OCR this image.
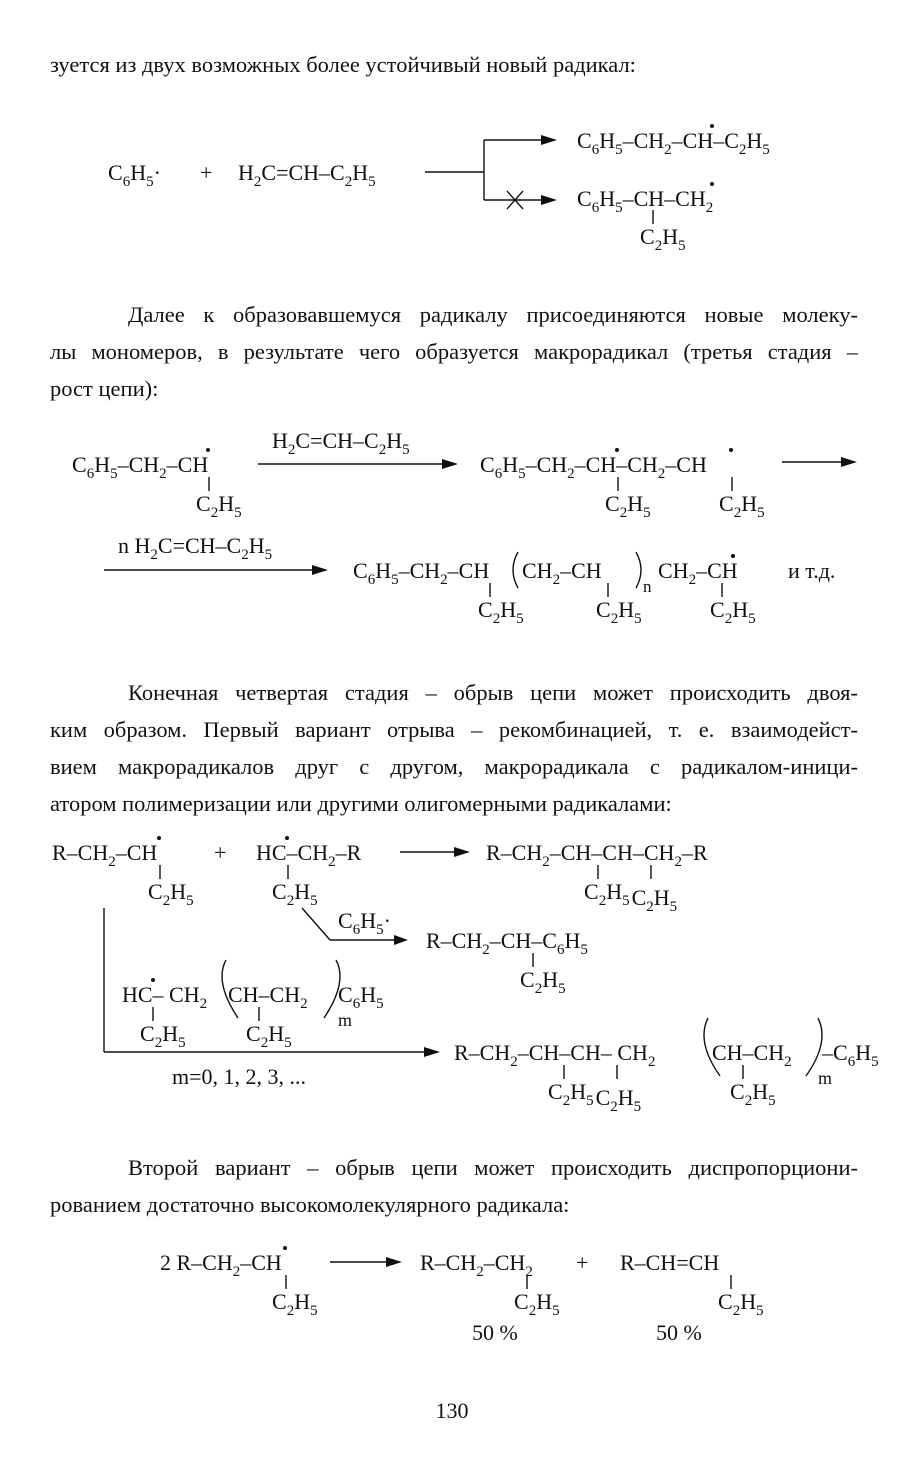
зуется из двух возможных более устойчивый новый радикал:

$C_6H_5\cdot + H_2C=CH-C_2H_5$
$C_6H_5-CH_2-CH-C_2H_5$
$C_6H_5-CH-CH_2$
$C_2H_5$

Далее к образовавшемуся радикалу присоединяются новые молеку-
лы мономеров, в результате чего образуется макрорадикал (третья стадия –
рост цепи):

$C_6H_5-CH_2-CH$
$C_2H_5$
$H_2C=CH-C_2H_5$
$C_6H_5-CH_2-CH-CH_2-CH$
$C_2H_5$	$C_2H_5$
n $H_2C=CH-C_2H_5$
$C_6H_5-CH_2-CH$ $CH_2-CH$
n
$CH_2-CH$
$C_2H_5$	$C_2H_5$	$C_2H_5$
и т.д.

Конечная четвертая стадия – обрыв цепи может происходить двоя-
ким образом. Первый вариант отрыва – рекомбинацией, т. е. взаимодейст-
вием макрорадикалов друг с другом, макрорадикала с радикалом-иници-
атором полимеризации или другими олигомерными радикалами:

$R-CH_2-CH$
$C_2H_5$
+ $HC-CH_2-R$
$C_2H_5$
$R-CH_2-CH-CH-CH_2-R$
$C_2H_5C_2H_5$
$C_6H_5\cdot$
$R-CH_2-CH-C_6H_5$
$C_2H_5$
HC– $CH_2$ $CH-CH_2$ $C_6H_5$
m
$C_2H_5$	$C_2H_5$
m=0, 1, 2, 3, ...
$R-CH_2-CH-CH-$ $CH_2$	$CH-CH_2$ $-C_6H_5$
m
$C_2H_5C_2H_5$
$C_2H_5$

Второй вариант – обрыв цепи может происходить диспропорциони-
рованием достаточно высокомолекулярного радикала:

2 $R-CH_2-CH$
$C_2H_5$
$R-CH_2-CH_2$
$C_2H_5$
+ R–CH=CH
$C_2H_5$
50 %	50 %
130
